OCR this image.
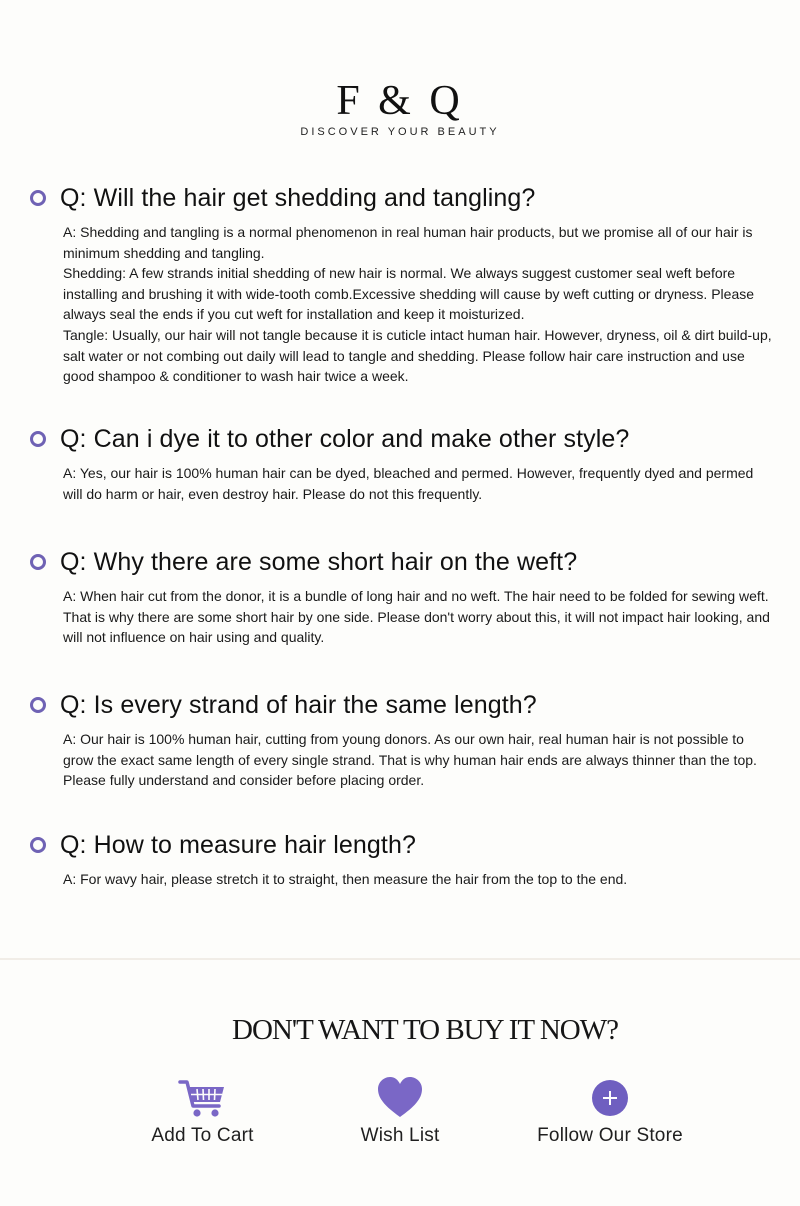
F & Q
DISCOVER YOUR BEAUTY
Q: Will the hair get shedding and tangling?

A: Shedding and tangling is a normal phenomenon in real human hair products, but we promise all of our hair is minimum shedding and tangling.

Shedding: A few strands initial shedding of new hair is normal. We always suggest customer seal weft before installing and brushing it with wide-tooth comb.Excessive shedding will cause by weft cutting or dryness. Please always seal the ends if you cut weft for installation and keep it moisturized.

Tangle: Usually, our hair will not tangle because it is cuticle intact human hair. However, dryness, oil & dirt build-up, salt water or not combing out daily will lead to tangle and shedding. Please follow hair care instruction and use good shampoo & conditioner to wash hair twice a week.

Q: Can i dye it to other color and make other style?

A: Yes, our hair is 100% human hair can be dyed, bleached and permed. However, frequently dyed and permed will do harm or hair, even destroy hair. Please do not this frequently.

Q: Why there are some short hair on the weft?

A: When hair cut from the donor, it is a bundle of long hair and no weft. The hair need to be folded for sewing weft. That is why there are some short hair by one side. Please don't worry about this, it will not impact hair looking, and will not influence on hair using and quality.

Q: Is every strand of hair the same length?

A: Our hair is 100% human hair, cutting from young donors. As our own hair, real human hair is not possible to grow the exact same length of every single strand. That is why human hair ends are always thinner than the top. Please fully understand and consider before placing order.

Q: How to measure hair length?

A: For wavy hair, please stretch it to straight, then measure the hair from the top to the end.

DON'T WANT TO BUY IT NOW?
Add To Cart	Wish List	Follow Our Store
